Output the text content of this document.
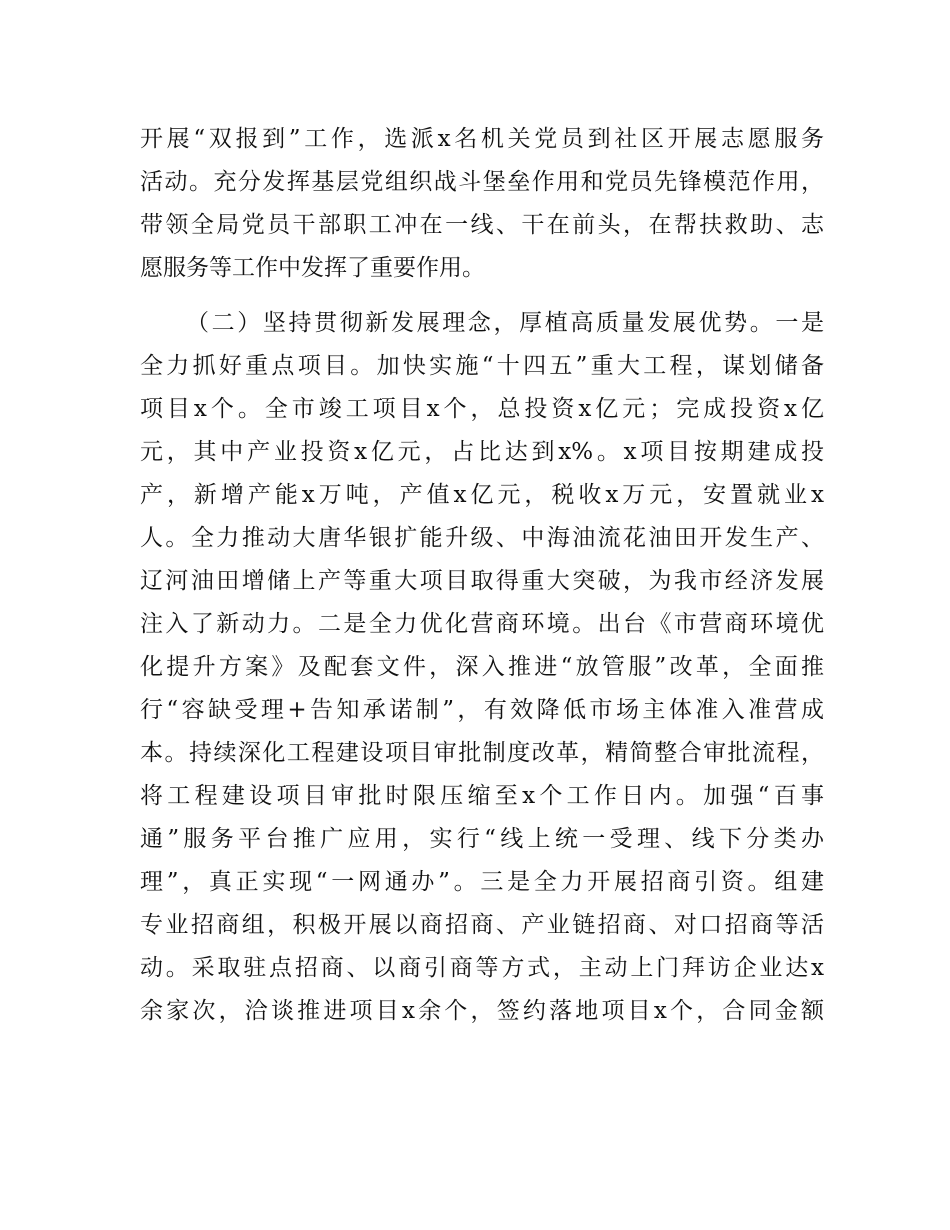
开展“双报到”工作，选派x名机关党员到社区开展志愿服务
活动。充分发挥基层党组织战斗堡垒作用和党员先锋模范作用，
带领全局党员干部职工冲在一线、干在前头，在帮扶救助、志
愿服务等工作中发挥了重要作用。
（二）坚持贯彻新发展理念，厚植高质量发展优势。一是
全力抓好重点项目。加快实施“十四五”重大工程，谋划储备
项目x个。全市竣工项目x个，总投资x亿元；完成投资x亿
元，其中产业投资x亿元，占比达到x%。x项目按期建成投
产，新增产能x万吨，产值x亿元，税收x万元，安置就业x
人。全力推动大唐华银扩能升级、中海油流花油田开发生产、
辽河油田增储上产等重大项目取得重大突破，为我市经济发展
注入了新动力。二是全力优化营商环境。出台《市营商环境优
化提升方案》及配套文件，深入推进“放管服”改革，全面推
行“容缺受理+告知承诺制”，有效降低市场主体准入准营成
本。持续深化工程建设项目审批制度改革，精简整合审批流程，
将工程建设项目审批时限压缩至x个工作日内。加强“百事
通”服务平台推广应用，实行“线上统一受理、线下分类办
理”，真正实现“一网通办”。三是全力开展招商引资。组建
专业招商组，积极开展以商招商、产业链招商、对口招商等活
动。采取驻点招商、以商引商等方式，主动上门拜访企业达x
余家次，洽谈推进项目x余个，签约落地项目x个，合同金额
